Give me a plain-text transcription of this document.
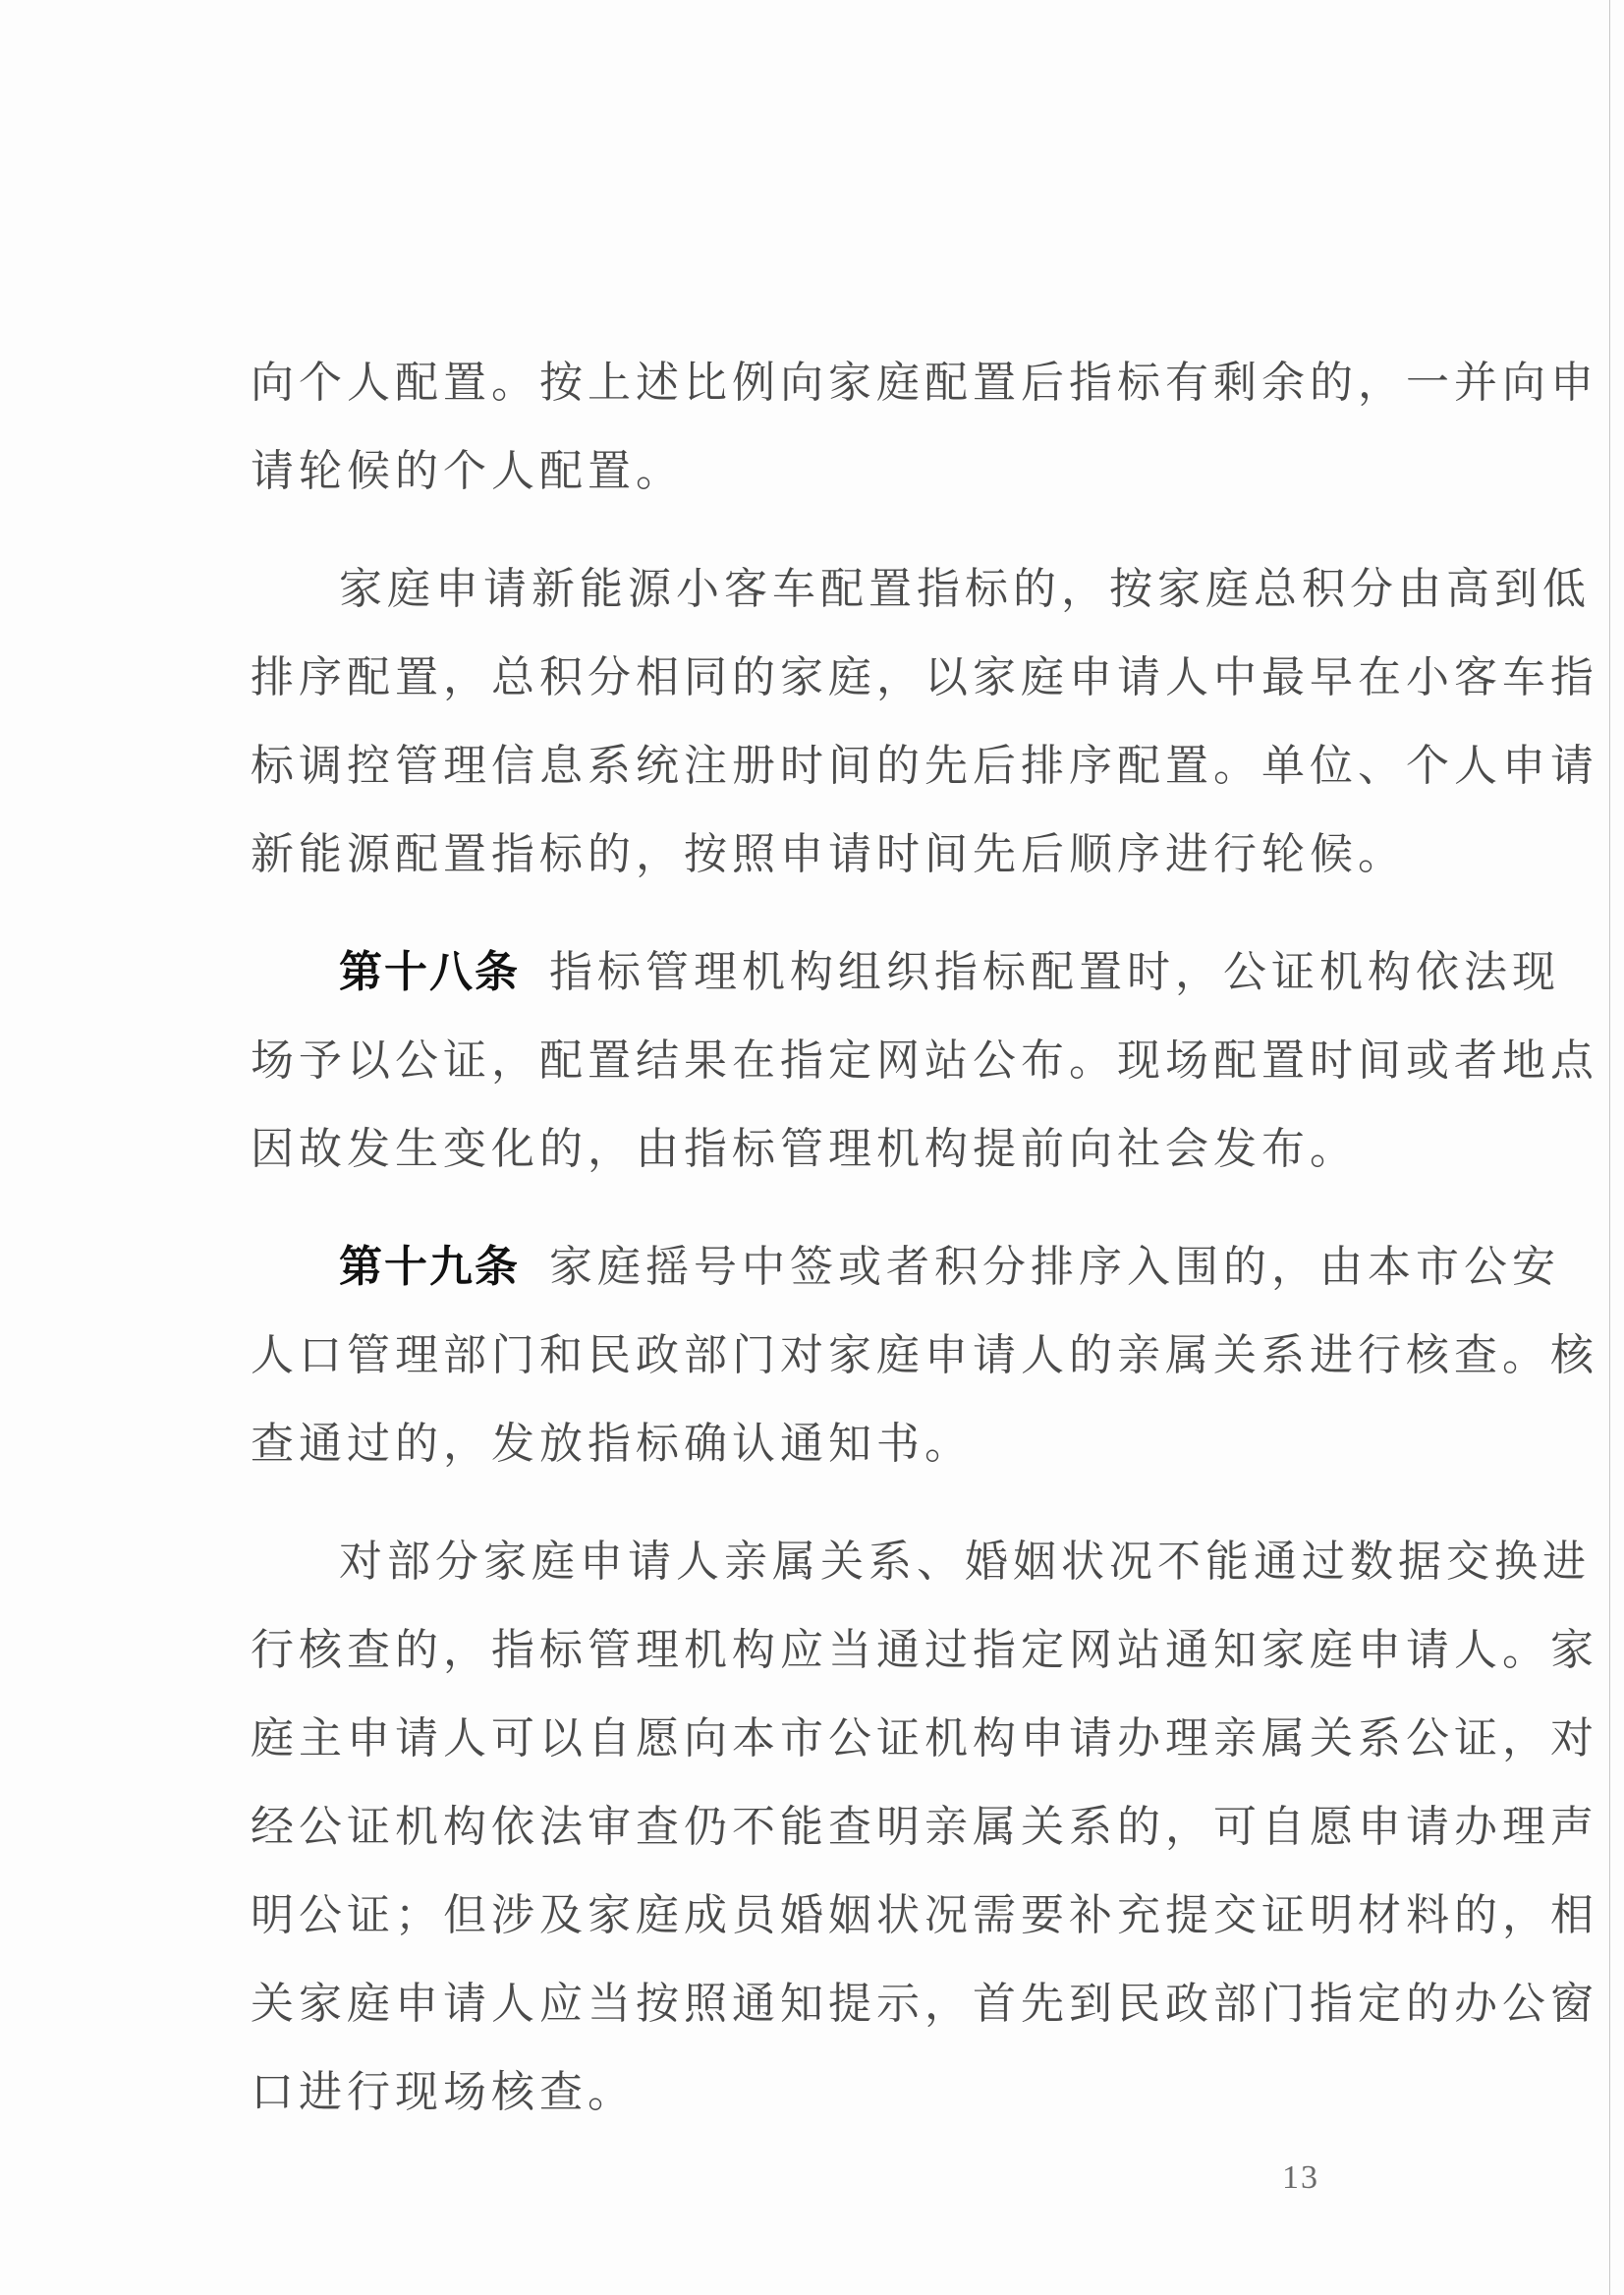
向个人配置。按上述比例向家庭配置后指标有剩余的，一并向申
请轮候的个人配置。
家庭申请新能源小客车配置指标的，按家庭总积分由高到低
排序配置，总积分相同的家庭，以家庭申请人中最早在小客车指
标调控管理信息系统注册时间的先后排序配置。单位、个人申请
新能源配置指标的，按照申请时间先后顺序进行轮候。
第十八条 指标管理机构组织指标配置时，公证机构依法现
场予以公证，配置结果在指定网站公布。现场配置时间或者地点
因故发生变化的，由指标管理机构提前向社会发布。
第十九条 家庭摇号中签或者积分排序入围的，由本市公安
人口管理部门和民政部门对家庭申请人的亲属关系进行核查。核
查通过的，发放指标确认通知书。
对部分家庭申请人亲属关系、婚姻状况不能通过数据交换进
行核查的，指标管理机构应当通过指定网站通知家庭申请人。家
庭主申请人可以自愿向本市公证机构申请办理亲属关系公证，对
经公证机构依法审查仍不能查明亲属关系的，可自愿申请办理声
明公证；但涉及家庭成员婚姻状况需要补充提交证明材料的，相
关家庭申请人应当按照通知提示，首先到民政部门指定的办公窗
口进行现场核查。
13
